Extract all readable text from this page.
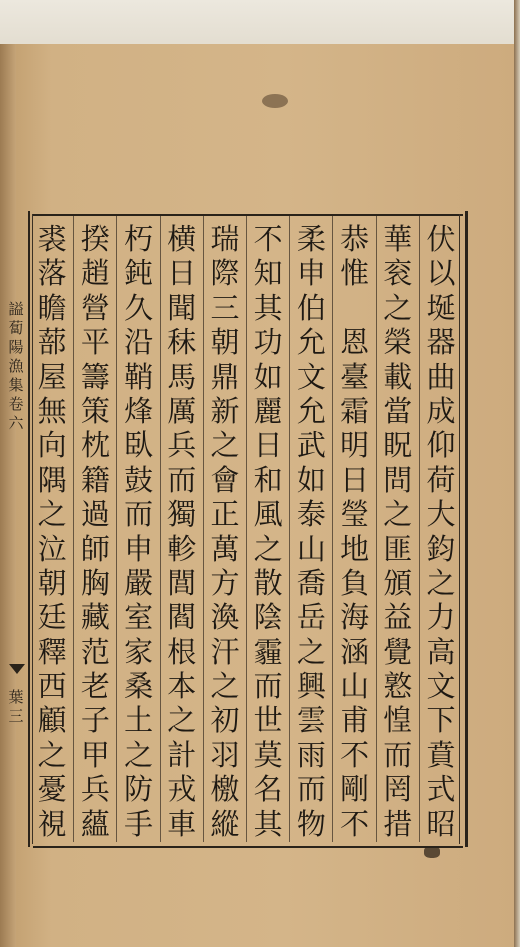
伏
以
埏
器
曲
成
仰
荷
大
鈞
之
力
高
文
下
賁
式
昭
華
衮
之
榮
載
當
眖
問
之
匪
頒
益
覺
憝
惶
而
罔
措
恭
惟

恩
臺
霜
明
日
瑩
地
負
海
涵
山
甫
不
剛
不
柔
申
伯
允
文
允
武
如
泰
山
喬
岳
之
興
雲
雨
而
物
不
知
其
功
如
麗
日
和
風
之
散
陰
霾
而
世
莫
名
其
瑞
際
三
朝
鼎
新
之
會
正
萬
方
渙
汗
之
初
羽
檄
縱
横
日
聞
秣
馬
厲
兵
而
獨
軫
閭
閻
根
本
之
計
戎
車
朽
鈍
久
沿
鞘
烽
臥
鼓
而
申
嚴
室
家
桑
土
之
防
手
揆
趙
營
平
籌
策
枕
籍
過
師
胸
藏
范
老
子
甲
兵
蘊
裘
落
瞻
蔀
屋
無
向
隅
之
泣
朝
廷
釋
西
顧
之
憂
視
謚
蔔
陽
漁
集
卷
六
葉
三
